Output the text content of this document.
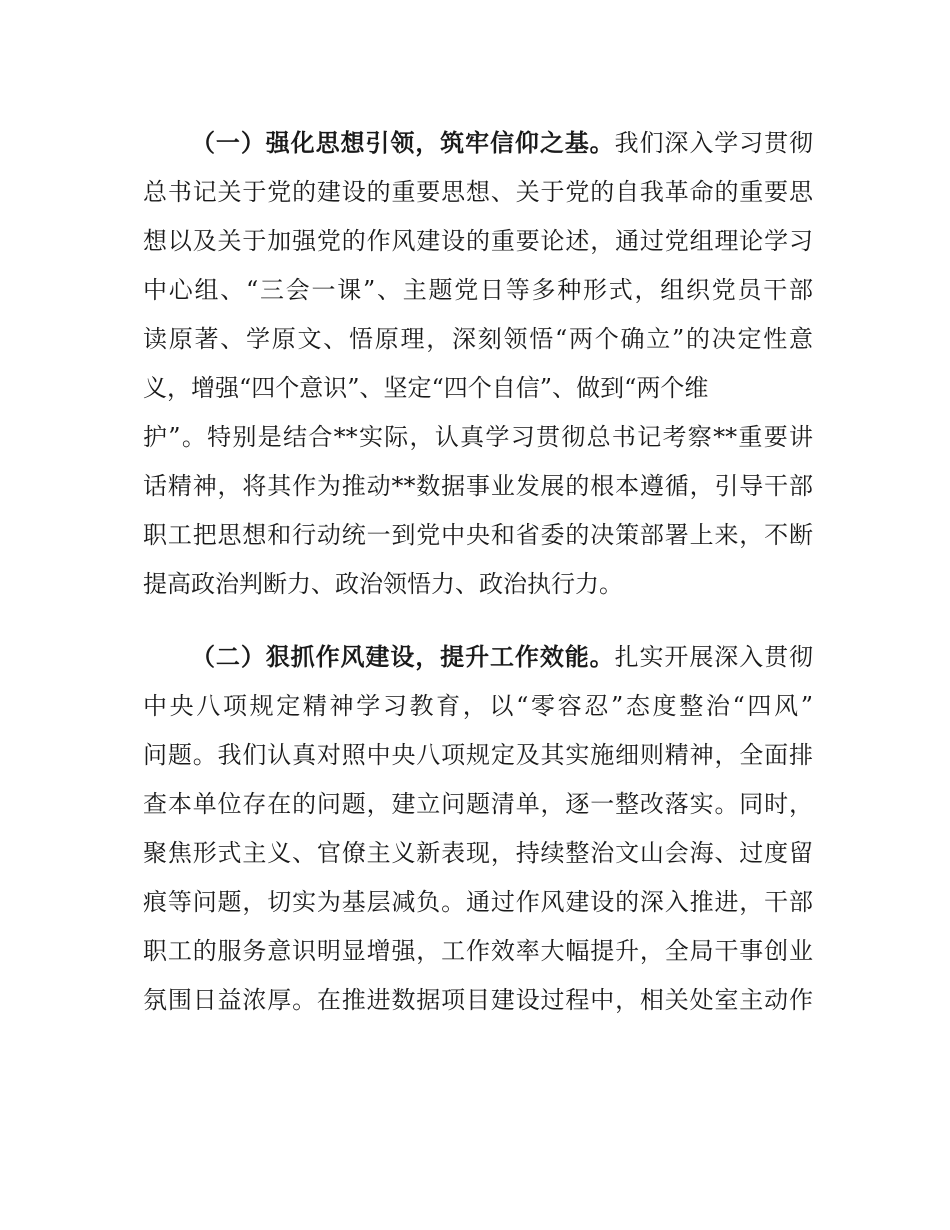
（一）强化思想引领，筑牢信仰之基。我们深入学习贯彻
总书记关于党的建设的重要思想、关于党的自我革命的重要思
想以及关于加强党的作风建设的重要论述，通过党组理论学习
中心组、“三会一课”、主题党日等多种形式，组织党员干部
读原著、学原文、悟原理，深刻领悟“两个确立”的决定性意
义，增强“四个意识”、坚定“四个自信”、做到“两个维
护”。特别是结合**实际，认真学习贯彻总书记考察**重要讲
话精神，将其作为推动**数据事业发展的根本遵循，引导干部
职工把思想和行动统一到党中央和省委的决策部署上来，不断
提高政治判断力、政治领悟力、政治执行力。
（二）狠抓作风建设，提升工作效能。扎实开展深入贯彻
中央八项规定精神学习教育，以“零容忍”态度整治“四风”
问题。我们认真对照中央八项规定及其实施细则精神，全面排
查本单位存在的问题，建立问题清单，逐一整改落实。同时，
聚焦形式主义、官僚主义新表现，持续整治文山会海、过度留
痕等问题，切实为基层减负。通过作风建设的深入推进，干部
职工的服务意识明显增强，工作效率大幅提升，全局干事创业
氛围日益浓厚。在推进数据项目建设过程中，相关处室主动作
